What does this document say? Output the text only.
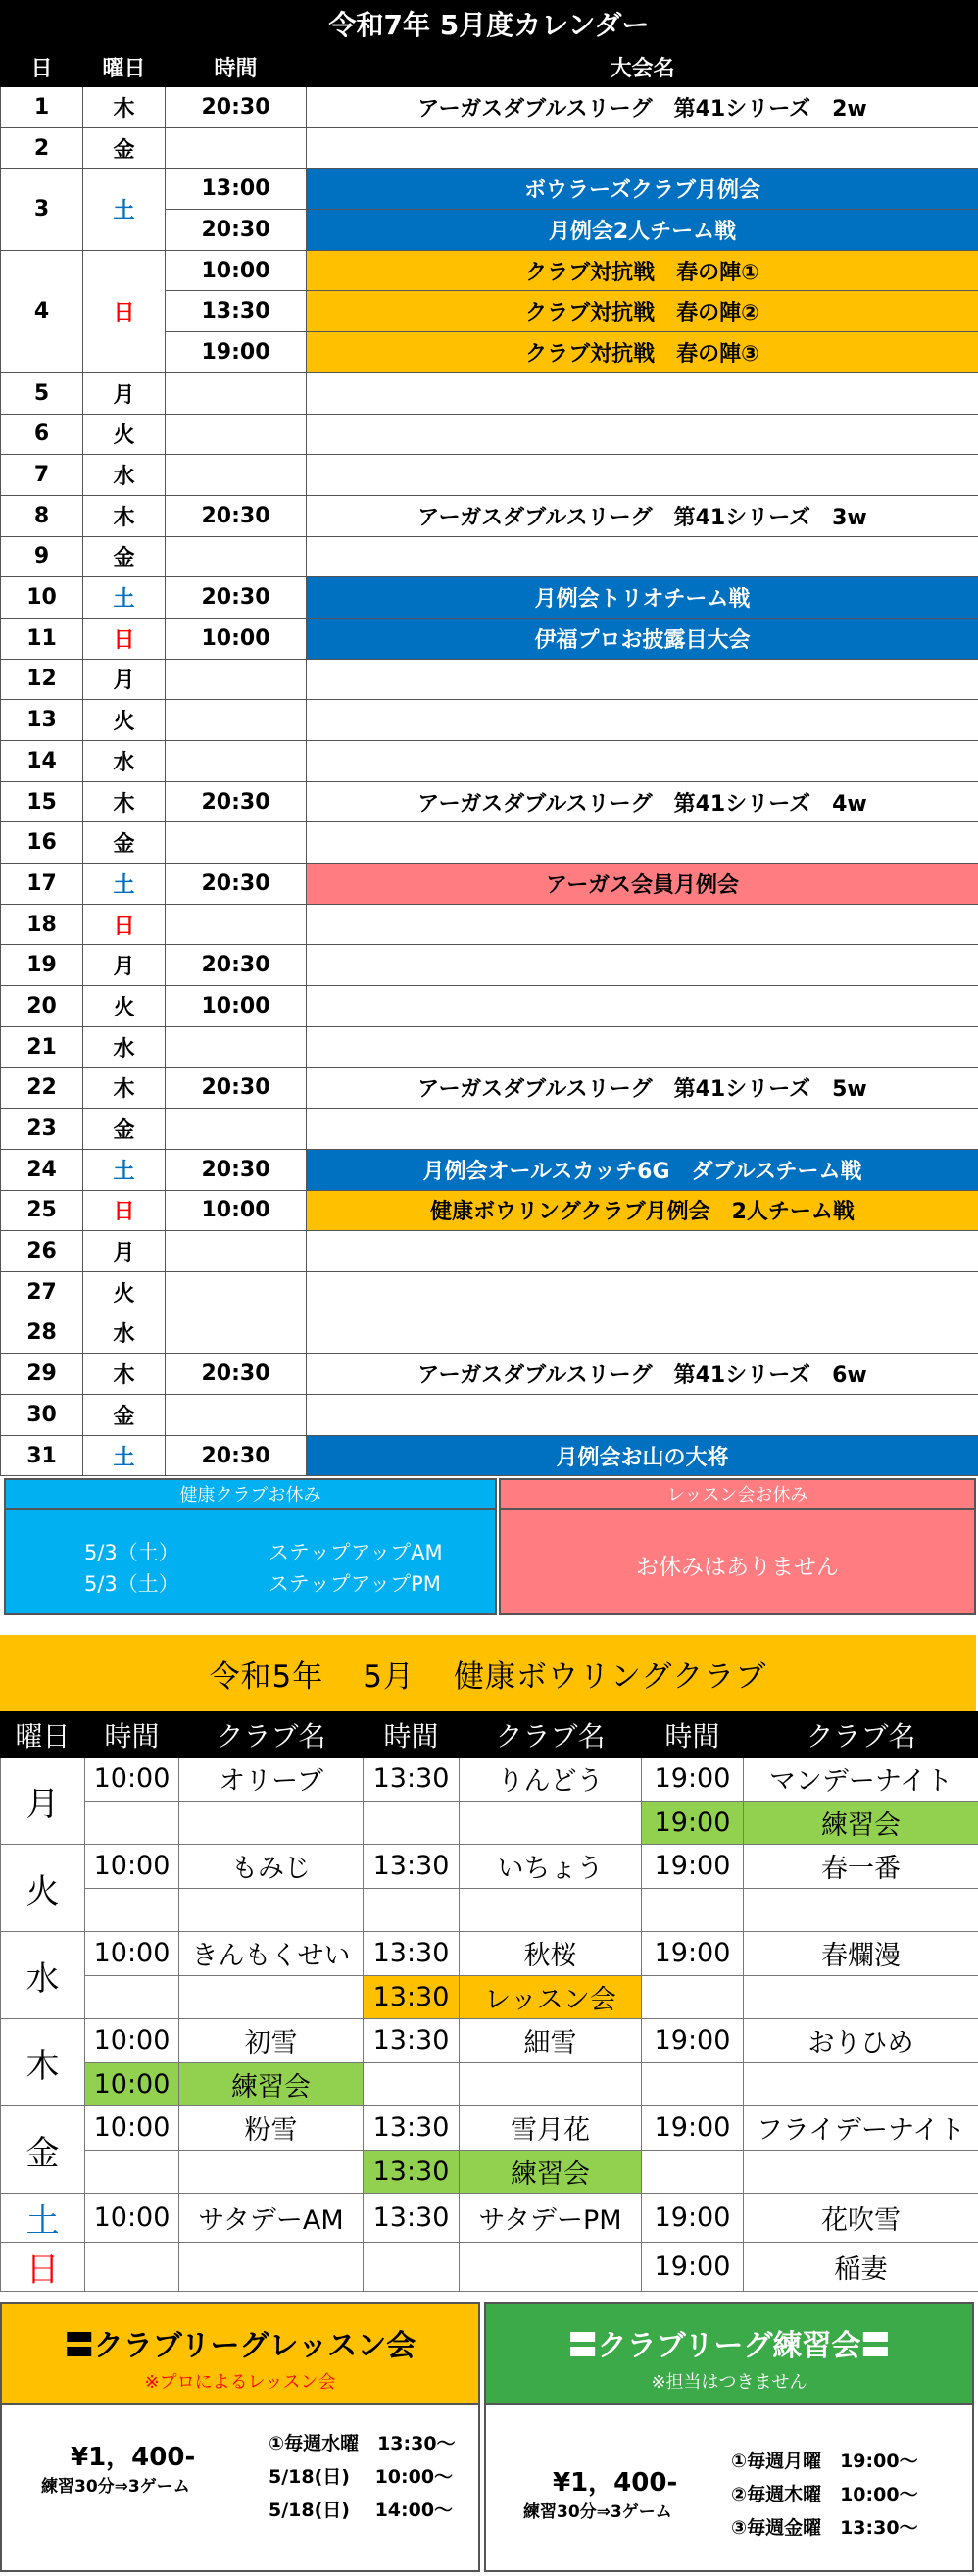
令和7年 5月度カレンダー
日	曜日	時間	大会名
1	木	20:30	アーガスダブルスリーグ　第41シリーズ　2w
2	金		
3	土	13:00	ボウラーズクラブ月例会
		20:30	月例会2人チーム戦
4	日	10:00	クラブ対抗戦　春の陣①
		13:30	クラブ対抗戦　春の陣②
		19:00	クラブ対抗戦　春の陣③
5	月		
6	火		
7	水		
8	木	20:30	アーガスダブルスリーグ　第41シリーズ　3w
9	金		
10	土	20:30	月例会トリオチーム戦
11	日	10:00	伊福プロお披露目大会
12	月		
13	火		
14	水		
15	木	20:30	アーガスダブルスリーグ　第41シリーズ　4w
16	金		
17	土	20:30	アーガス会員月例会
18	日		
19	月	20:30	
20	火	10:00	
21	水		
22	木	20:30	アーガスダブルスリーグ　第41シリーズ　5w
23	金		
24	土	20:30	月例会オールスカッチ6G　ダブルスチーム戦
25	日	10:00	健康ボウリングクラブ月例会　2人チーム戦
26	月		
27	火		
28	水		
29	木	20:30	アーガスダブルスリーグ　第41シリーズ　6w
30	金		
31	土	20:30	月例会お山の大将
健康クラブお休み
5/3（土）	ステップアップAM
5/3（土）	ステップアップPM
レッスン会お休み
お休みはありません
令和5年 5月 健康ボウリングクラブ
曜日	時間	クラブ名	時間	クラブ名	時間	クラブ名
月	10:00	オリーブ	13:30	りんどう	19:00	マンデーナイト
					19:00	練習会
火	10:00	もみじ	13:30	いちょう	19:00	春一番

水	10:00	きんもくせい	13:30	秋桜	19:00	春爛漫
			13:30	レッスン会		
木	10:00	初雪	13:30	細雪	19:00	おりひめ
	10:00	練習会				
金	10:00	粉雪	13:30	雪月花	19:00	フライデーナイト
			13:30	練習会		
土	10:00	サタデーAM	13:30	サタデーPM	19:00	花吹雪
日					19:00	稲妻
〓クラブリーグレッスン会
※プロによるレッスン会
¥1，400-
練習30分⇒3ゲーム
①毎週水曜　13:30～
5/18(日)　 10:00～
5/18(日)　 14:00～
〓クラブリーグ練習会〓
※担当はつきません
¥1，400-
練習30分⇒3ゲーム
①毎週月曜　19:00～
②毎週木曜　10:00～
③毎週金曜　13:30～
